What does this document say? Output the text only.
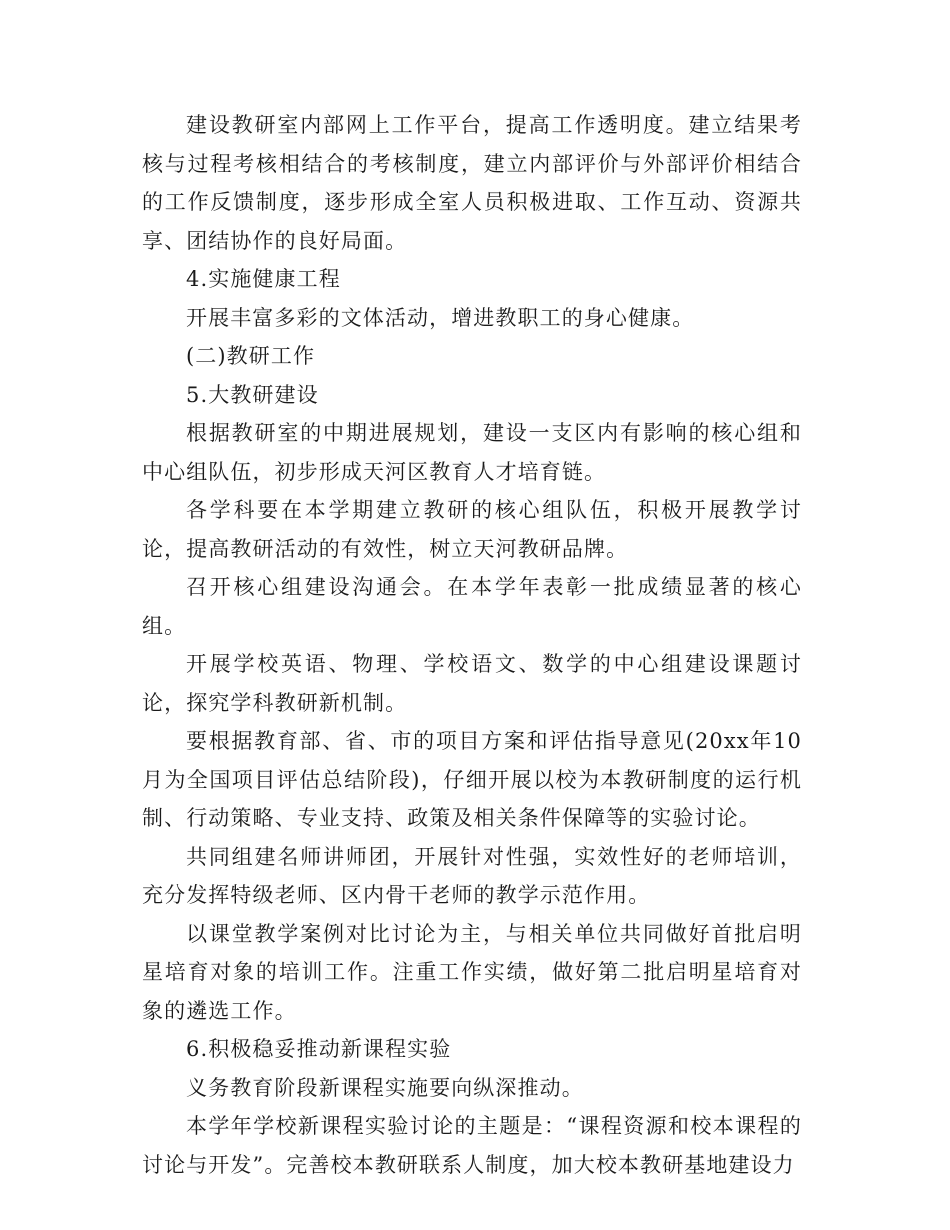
建设教研室内部网上工作平台，提高工作透明度。建立结果考核与过程考核相结合的考核制度，建立内部评价与外部评价相结合的工作反馈制度，逐步形成全室人员积极进取、工作互动、资源共享、团结协作的良好局面。

4.实施健康工程

开展丰富多彩的文体活动，增进教职工的身心健康。

(二)教研工作

5.大教研建设

根据教研室的中期进展规划，建设一支区内有影响的核心组和中心组队伍，初步形成天河区教育人才培育链。

各学科要在本学期建立教研的核心组队伍，积极开展教学讨论，提高教研活动的有效性，树立天河教研品牌。

召开核心组建设沟通会。在本学年表彰一批成绩显著的核心组。

开展学校英语、物理、学校语文、数学的中心组建设课题讨论，探究学科教研新机制。

要根据教育部、省、市的项目方案和评估指导意见(20xx年10月为全国项目评估总结阶段)，仔细开展以校为本教研制度的运行机制、行动策略、专业支持、政策及相关条件保障等的实验讨论。

共同组建名师讲师团，开展针对性强，实效性好的老师培训，充分发挥特级老师、区内骨干老师的教学示范作用。

以课堂教学案例对比讨论为主，与相关单位共同做好首批启明星培育对象的培训工作。注重工作实绩，做好第二批启明星培育对象的遴选工作。

6.积极稳妥推动新课程实验

义务教育阶段新课程实施要向纵深推动。

本学年学校新课程实验讨论的主题是：“课程资源和校本课程的讨论与开发”。完善校本教研联系人制度，加大校本教研基地建设力
